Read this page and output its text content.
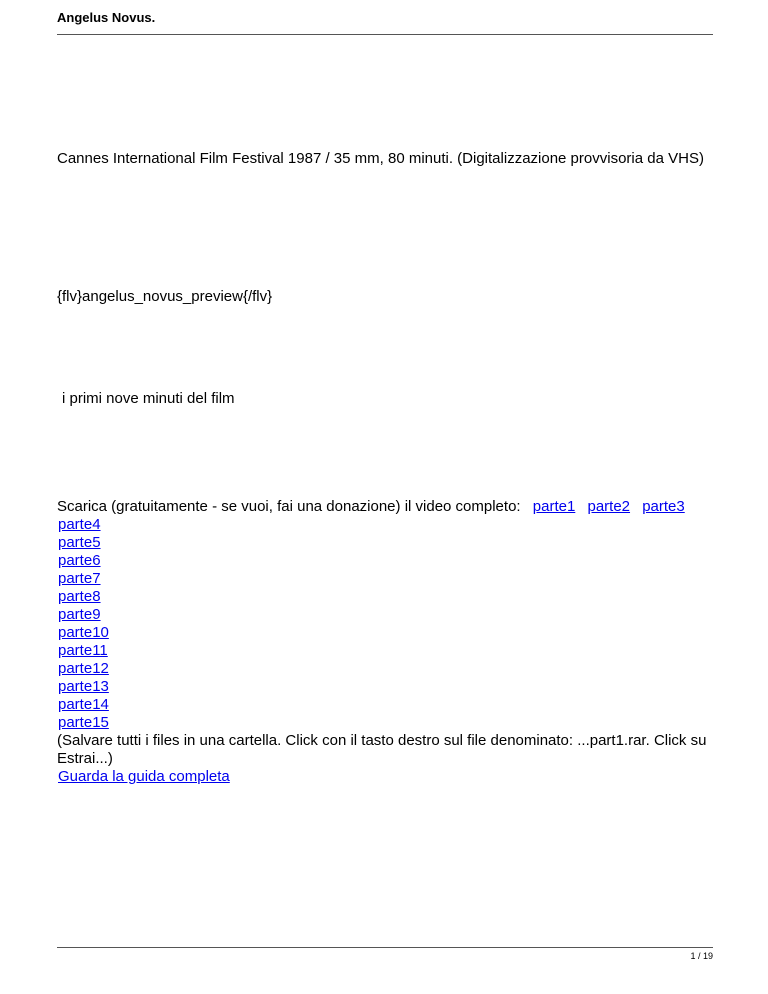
Angelus Novus.
Cannes International Film Festival 1987 / 35 mm, 80 minuti. (Digitalizzazione provvisoria da VHS)
{flv}angelus_novus_preview{/flv}
i primi nove minuti del film
Scarica (gratuitamente - se vuoi, fai una donazione) il video completo: parte1 parte2 parte3
parte4
parte5
parte6
parte7
parte8
parte9
parte10
parte11
parte12
parte13
parte14
parte15
(Salvare tutti i files in una cartella. Click con il tasto destro sul file denominato: ...part1.rar. Click su Estrai...)
Guarda la guida completa
1 / 19
